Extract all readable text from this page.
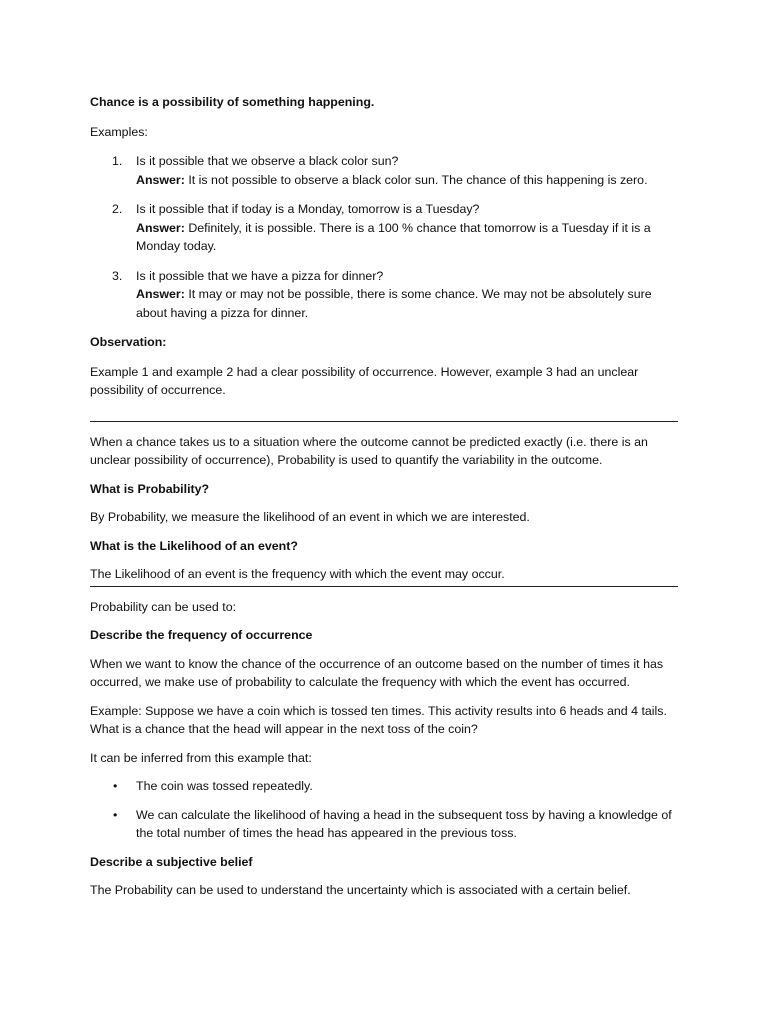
Chance is a possibility of something happening.

Examples:

1. Is it possible that we observe a black color sun?
Answer: It is not possible to observe a black color sun. The chance of this happening is zero.
2. Is it possible that if today is a Monday, tomorrow is a Tuesday?
Answer: Definitely, it is possible. There is a 100 % chance that tomorrow is a Tuesday if it is a Monday today.
3. Is it possible that we have a pizza for dinner?
Answer: It may or may not be possible, there is some chance. We may not be absolutely sure about having a pizza for dinner.

Observation:

Example 1 and example 2 had a clear possibility of occurrence. However, example 3 had an unclear possibility of occurrence.

When a chance takes us to a situation where the outcome cannot be predicted exactly (i.e. there is an unclear possibility of occurrence), Probability is used to quantify the variability in the outcome.

What is Probability?

By Probability, we measure the likelihood of an event in which we are interested.

What is the Likelihood of an event?

The Likelihood of an event is the frequency with which the event may occur.

Probability can be used to:

Describe the frequency of occurrence

When we want to know the chance of the occurrence of an outcome based on the number of times it has occurred, we make use of probability to calculate the frequency with which the event has occurred.

Example: Suppose we have a coin which is tossed ten times. This activity results into 6 heads and 4 tails. What is a chance that the head will appear in the next toss of the coin?

It can be inferred from this example that:

• The coin was tossed repeatedly.
• We can calculate the likelihood of having a head in the subsequent toss by having a knowledge of the total number of times the head has appeared in the previous toss.

Describe a subjective belief

The Probability can be used to understand the uncertainty which is associated with a certain belief.
